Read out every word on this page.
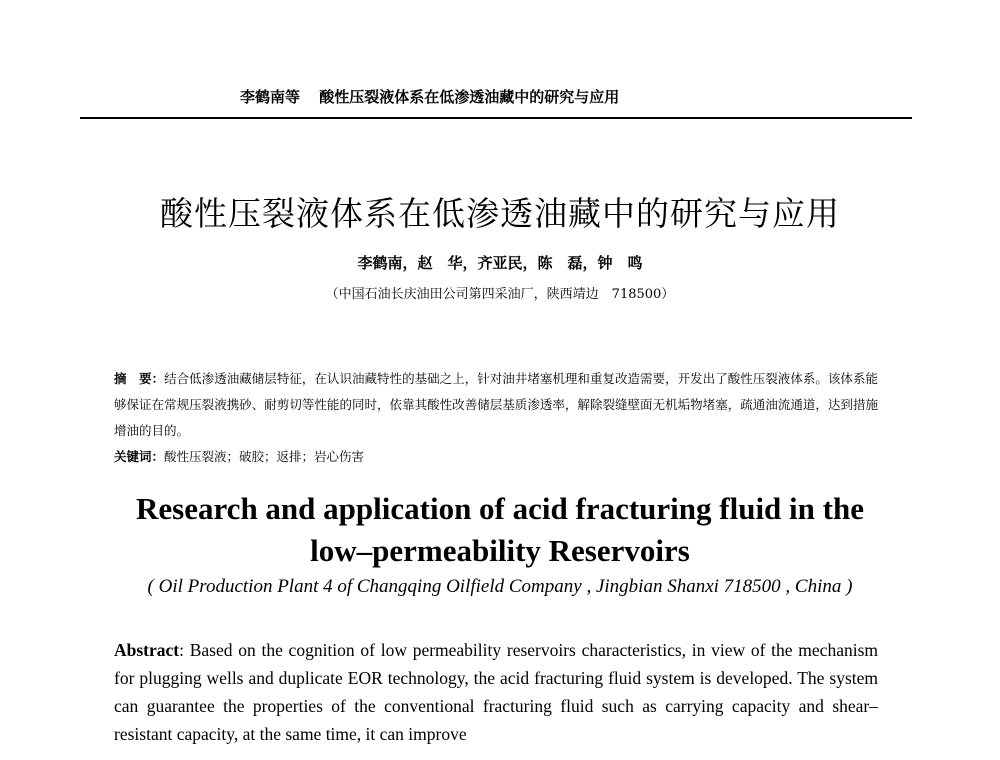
李鹤南等 酸性压裂液体系在低渗透油藏中的研究与应用
酸性压裂液体系在低渗透油藏中的研究与应用
李鹤南，赵　华，齐亚民，陈　磊，钟　鸣
（中国石油长庆油田公司第四采油厂，陕西靖边　718500）
摘　要：结合低渗透油藏储层特征，在认识油藏特性的基础之上，针对油井堵塞机理和重复改造需要，开发出了酸性压裂液体系。该体系能够保证在常规压裂液携砂、耐剪切等性能的同时，依靠其酸性改善储层基质渗透率，解除裂缝壁面无机垢物堵塞，疏通油流通道，达到措施增油的目的。
关键词：酸性压裂液；破胶；返排；岩心伤害
Research and application of acid fracturing fluid in the
low–permeability Reservoirs
( Oil Production Plant 4 of Changqing Oilfield Company , Jingbian Shanxi 718500 , China )
Abstract: Based on the cognition of low permeability reservoirs characteristics, in view of the mechanism for plugging wells and duplicate EOR technology, the acid fracturing fluid system is developed. The system can guarantee the properties of the conventional fracturing fluid such as carrying capacity and shear–resistant capacity, at the same time, it can improve
